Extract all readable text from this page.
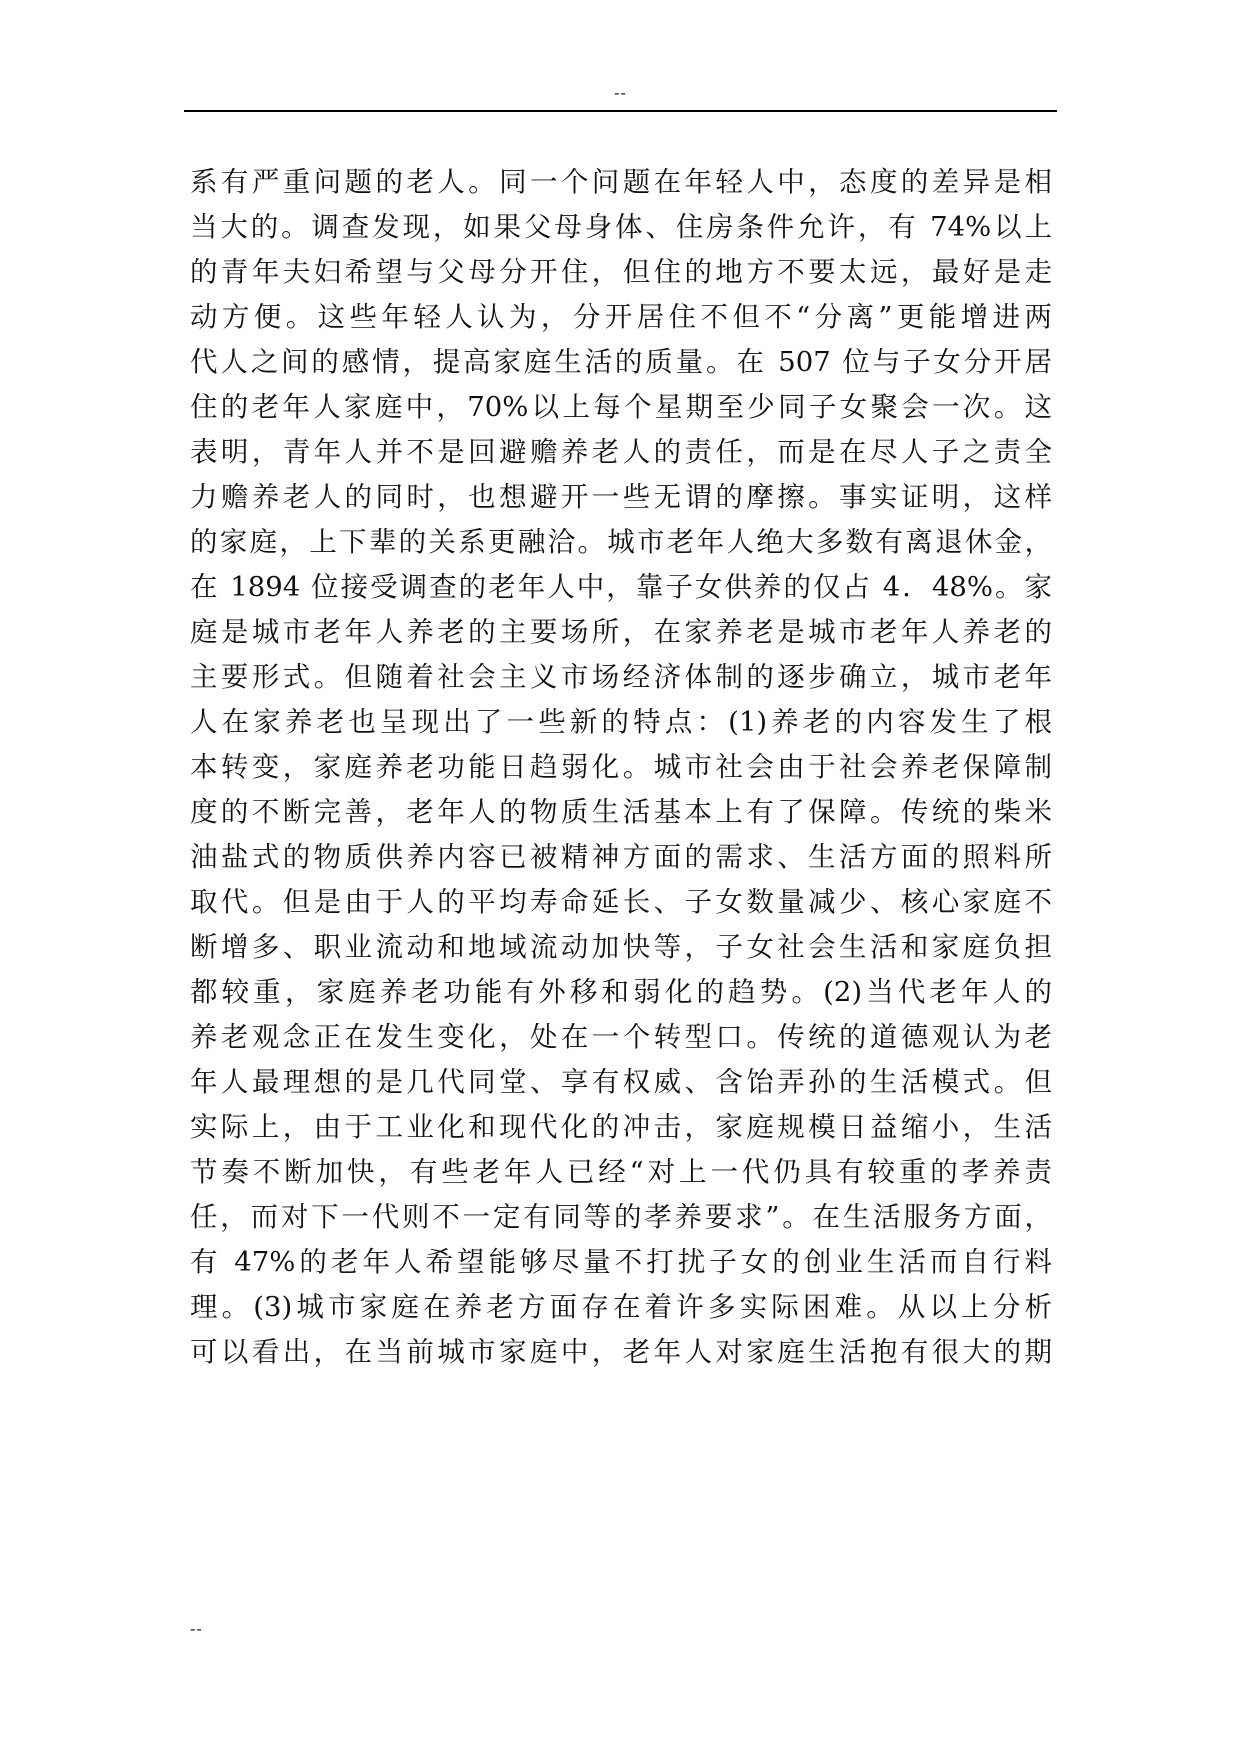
--
系有严重问题的老人。同一个问题在年轻人中，态度的差异是相
当大的。调查发现，如果父母身体、住房条件允许，有 74%以上
的青年夫妇希望与父母分开住，但住的地方不要太远，最好是走
动方便。这些年轻人认为，分开居住不但不“分离”更能增进两
代人之间的感情，提高家庭生活的质量。在 507 位与子女分开居
住的老年人家庭中，70%以上每个星期至少同子女聚会一次。这
表明，青年人并不是回避赡养老人的责任，而是在尽人子之责全
力赡养老人的同时，也想避开一些无谓的摩擦。事实证明，这样
的家庭，上下辈的关系更融洽。城市老年人绝大多数有离退休金，
在 1894 位接受调查的老年人中，靠子女供养的仅占 4．48%。家
庭是城市老年人养老的主要场所，在家养老是城市老年人养老的
主要形式。但随着社会主义市场经济体制的逐步确立，城市老年
人在家养老也呈现出了一些新的特点：(1)养老的内容发生了根
本转变，家庭养老功能日趋弱化。城市社会由于社会养老保障制
度的不断完善，老年人的物质生活基本上有了保障。传统的柴米
油盐式的物质供养内容已被精神方面的需求、生活方面的照料所
取代。但是由于人的平均寿命延长、子女数量减少、核心家庭不
断增多、职业流动和地域流动加快等，子女社会生活和家庭负担
都较重，家庭养老功能有外移和弱化的趋势。(2)当代老年人的
养老观念正在发生变化，处在一个转型口。传统的道德观认为老
年人最理想的是几代同堂、享有权威、含饴弄孙的生活模式。但
实际上，由于工业化和现代化的冲击，家庭规模日益缩小，生活
节奏不断加快，有些老年人已经“对上一代仍具有较重的孝养责
任，而对下一代则不一定有同等的孝养要求”。在生活服务方面，
有 47%的老年人希望能够尽量不打扰子女的创业生活而自行料
理。(3)城市家庭在养老方面存在着许多实际困难。从以上分析
可以看出，在当前城市家庭中，老年人对家庭生活抱有很大的期
--
